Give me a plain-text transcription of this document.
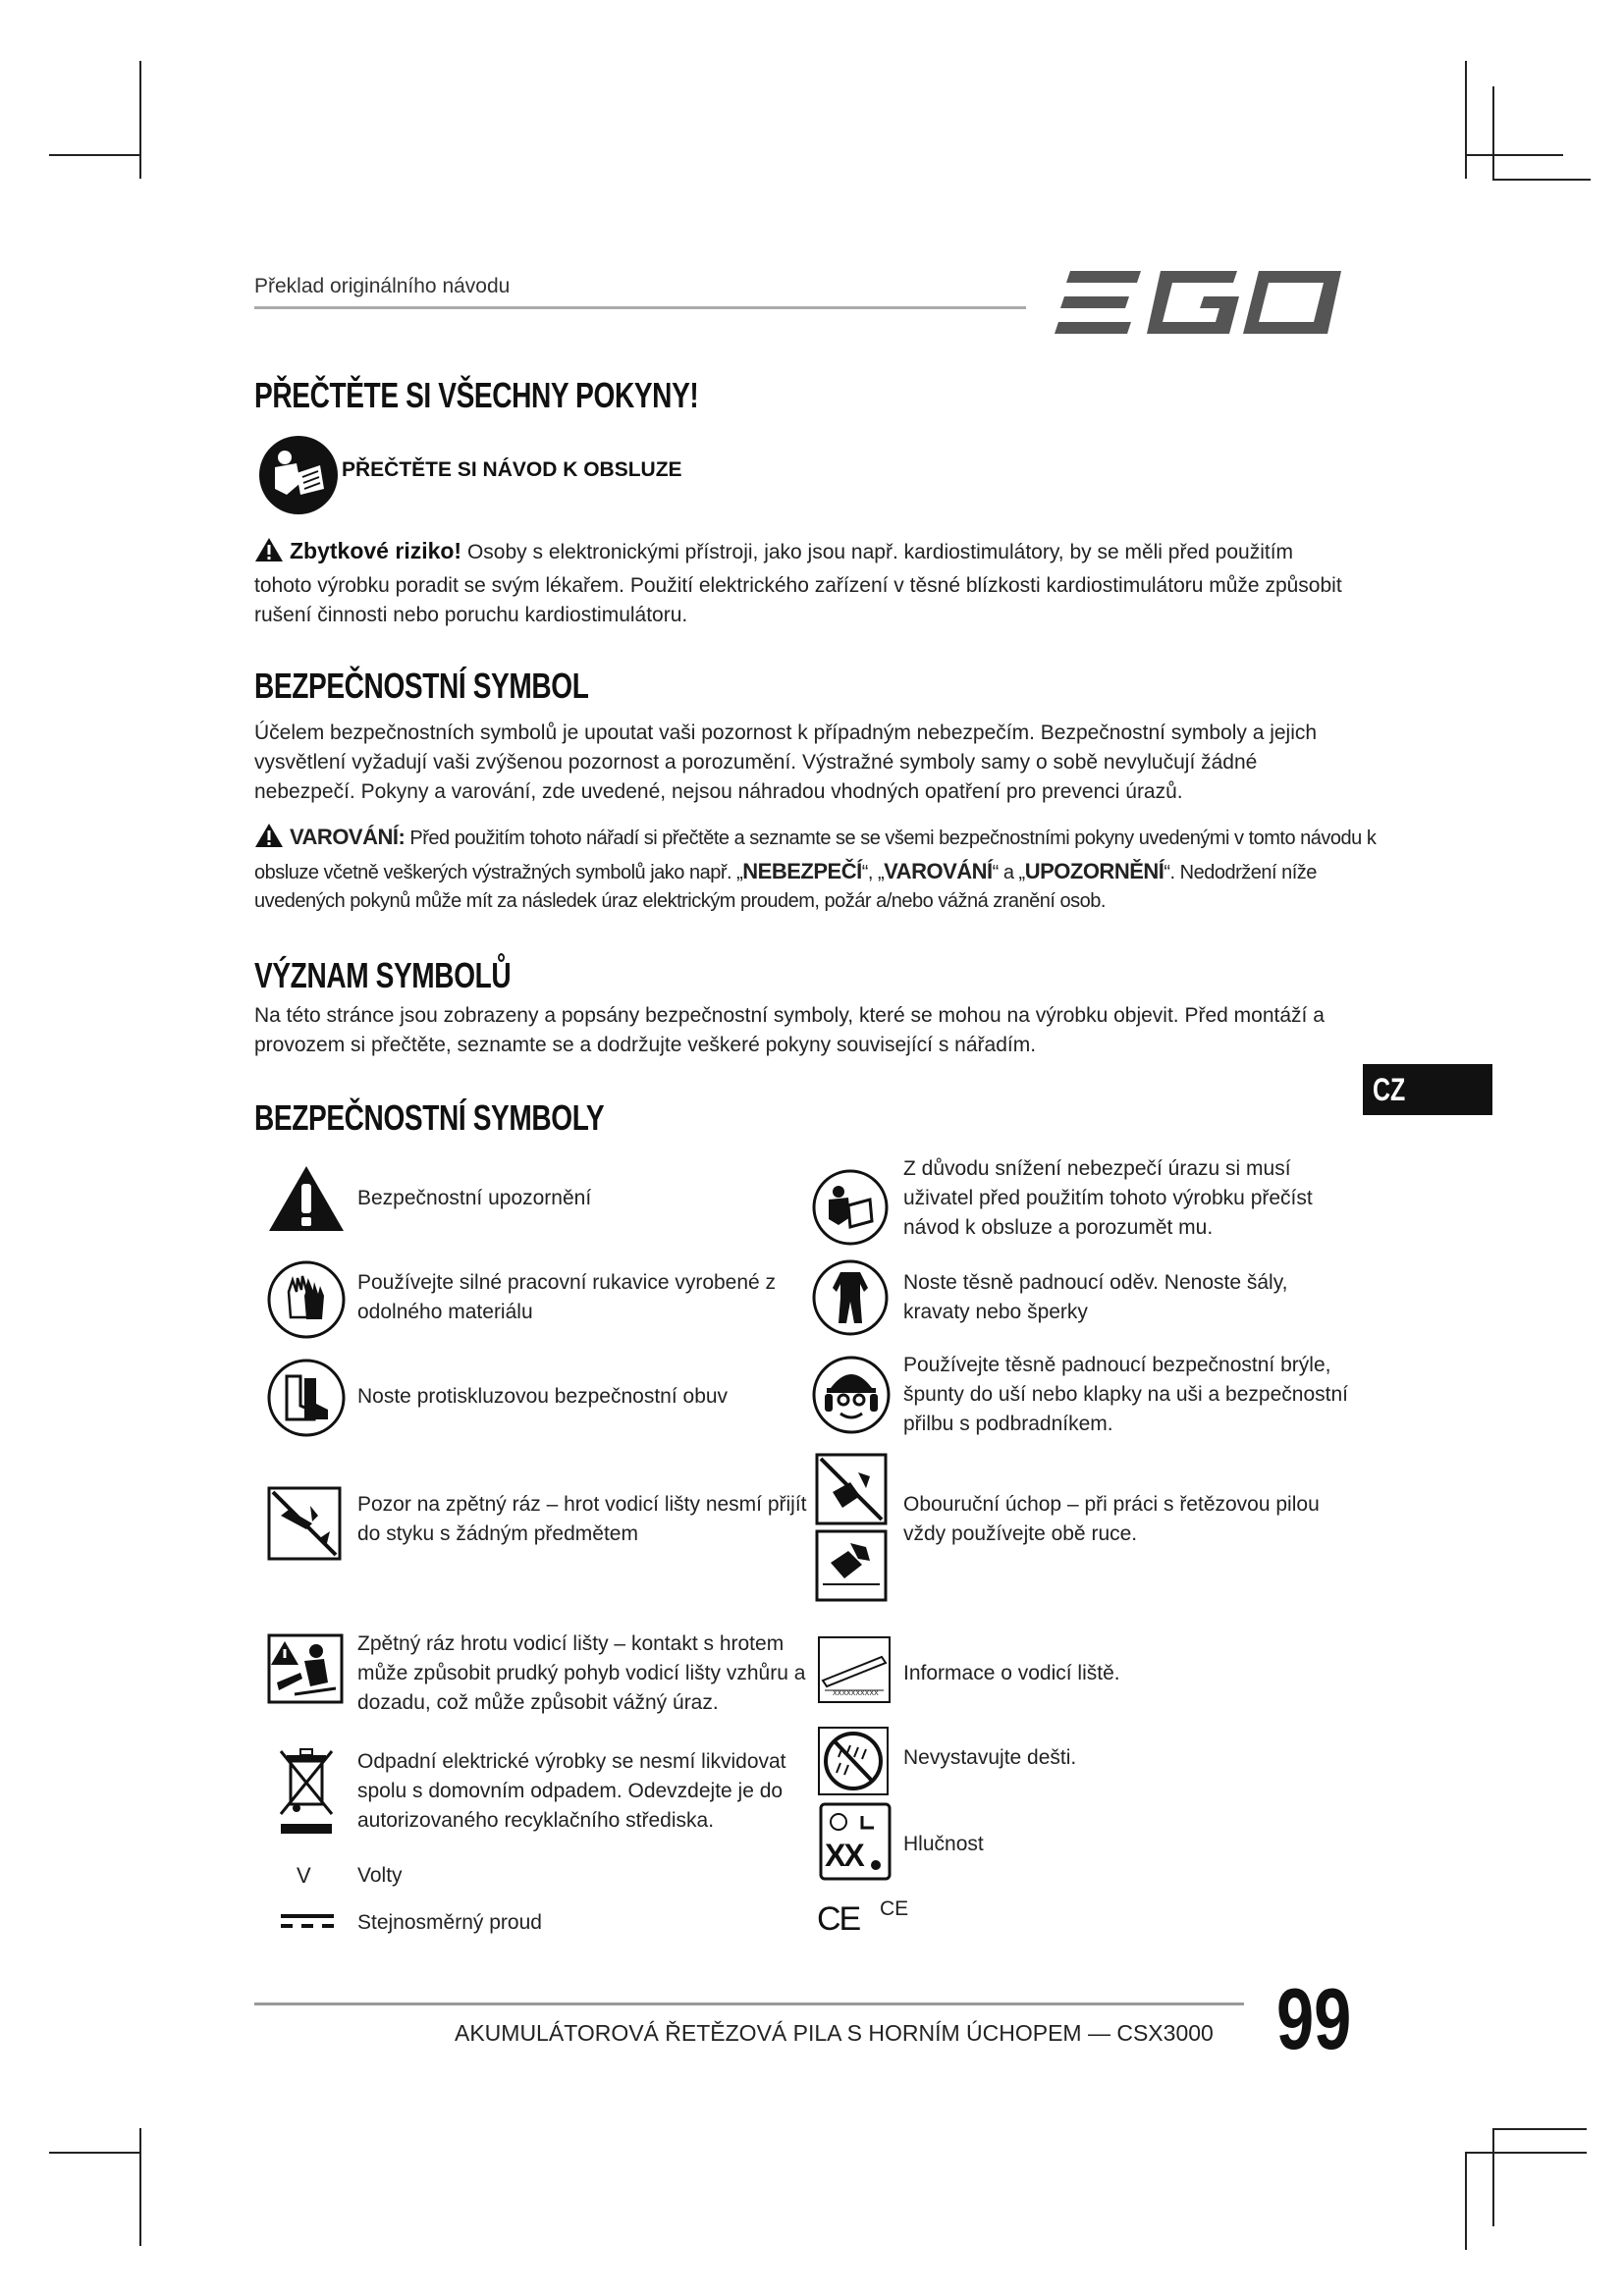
Překlad originálního návodu
EGO
PŘEČTĚTE SI VŠECHNY POKYNY!
PŘEČTĚTE SI NÁVOD K OBSLUZE
Zbytkové riziko! Osoby s elektronickými přístroji, jako jsou např. kardiostimulátory, by se měli před použitím tohoto výrobku poradit se svým lékařem. Použití elektrického zařízení v těsné blízkosti kardiostimulátoru může způsobit rušení činnosti nebo poruchu kardiostimulátoru.
BEZPEČNOSTNÍ SYMBOL
Účelem bezpečnostních symbolů je upoutat vaši pozornost k případným nebezpečím. Bezpečnostní symboly a jejich vysvětlení vyžadují vaši zvýšenou pozornost a porozumění. Výstražné symboly samy o sobě nevylučují žádné nebezpečí. Pokyny a varování, zde uvedené, nejsou náhradou vhodných opatření pro prevenci úrazů.
VAROVÁNÍ: Před použitím tohoto nářadí si přečtěte a seznamte se se všemi bezpečnostními pokyny uvedenými v tomto návodu k obsluze včetně veškerých výstražných symbolů jako např. „NEBEZPEČÍ“, „VAROVÁNÍ“ a „UPOZORNĚNÍ“. Nedodržení níže uvedených pokynů může mít za následek úraz elektrickým proudem, požár a/nebo vážná zranění osob.
VÝZNAM SYMBOLŮ
Na této stránce jsou zobrazeny a popsány bezpečnostní symboly, které se mohou na výrobku objevit. Před montáží a provozem si přečtěte, seznamte se a dodržujte veškeré pokyny související s nářadím.
CZ
BEZPEČNOSTNÍ SYMBOLY
Bezpečnostní upozornění
Používejte silné pracovní rukavice vyrobené z odolného materiálu
Noste protiskluzovou bezpečnostní obuv
Pozor na zpětný ráz – hrot vodicí lišty nesmí přijít do styku s žádným předmětem
Zpětný ráz hrotu vodicí lišty – kontakt s hrotem může způsobit prudký pohyb vodicí lišty vzhůru a dozadu, což může způsobit vážný úraz.
Odpadní elektrické výrobky se nesmí likvidovat spolu s domovním odpadem. Odevzdejte je do autorizovaného recyklačního střediska.
V Volty
Stejnosměrný proud
Z důvodu snížení nebezpečí úrazu si musí uživatel před použitím tohoto výrobku přečíst návod k obsluze a porozumět mu.
Noste těsně padnoucí oděv. Nenoste šály, kravaty nebo šperky
Používejte těsně padnoucí bezpečnostní brýle, špunty do uší nebo klapky na uši a bezpečnostní přilbu s podbradníkem.
Obouruční úchop – při práci s řetězovou pilou vždy používejte obě ruce.
XXXXXXXXXX
Informace o vodicí liště.
Nevystavujte dešti.
XX Hlučnost
CE CE
AKUMULÁTOROVÁ ŘETĚZOVÁ PILA S HORNÍM ÚCHOPEM — CSX3000 99
